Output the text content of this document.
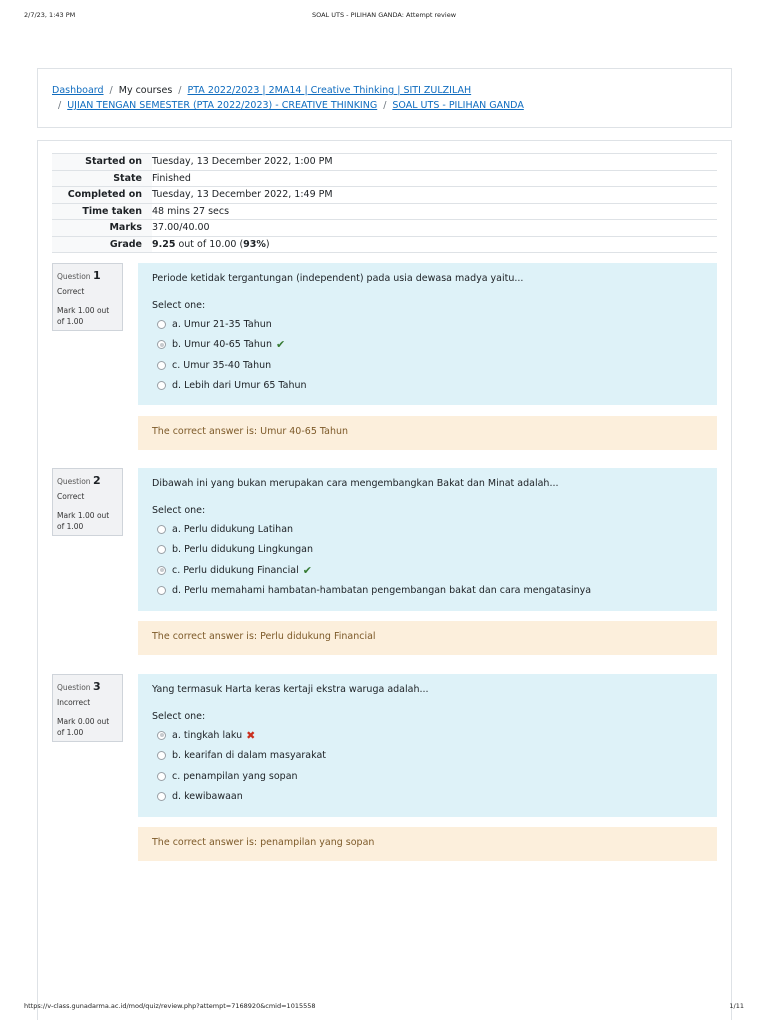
2/7/23, 1:43 PM	SOAL UTS - PILIHAN GANDA: Attempt review
Dashboard / My courses / PTA 2022/2023 | 2MA14 | Creative Thinking | SITI ZULZILAH
/ UJIAN TENGAN SEMESTER (PTA 2022/2023) - CREATIVE THINKING / SOAL UTS - PILIHAN GANDA
Started on	Tuesday, 13 December 2022, 1:00 PM
State	Finished
Completed on	Tuesday, 13 December 2022, 1:49 PM
Time taken	48 mins 27 secs
Marks	37.00/40.00
Grade	9.25 out of 10.00 (93%)
Question 1
Correct
Mark 1.00 out of 1.00
Periode ketidak tergantungan (independent) pada usia dewasa madya yaitu...
Select one:
a. Umur 21-35 Tahun
b. Umur 40-65 Tahun ✔
c. Umur 35-40 Tahun
d. Lebih dari Umur 65 Tahun
The correct answer is: Umur 40-65 Tahun
Question 2
Correct
Mark 1.00 out of 1.00
Dibawah ini yang bukan merupakan cara mengembangkan Bakat dan Minat adalah...
Select one:
a. Perlu didukung Latihan
b. Perlu didukung Lingkungan
c. Perlu didukung Financial ✔
d. Perlu memahami hambatan-hambatan pengembangan bakat dan cara mengatasinya
The correct answer is: Perlu didukung Financial
Question 3
Incorrect
Mark 0.00 out of 1.00
Yang termasuk Harta keras kertaji ekstra waruga adalah...
Select one:
a. tingkah laku ✖
b. kearifan di dalam masyarakat
c. penampilan yang sopan
d. kewibawaan
The correct answer is: penampilan yang sopan
https://v-class.gunadarma.ac.id/mod/quiz/review.php?attempt=7168920&cmid=1015558	1/11
